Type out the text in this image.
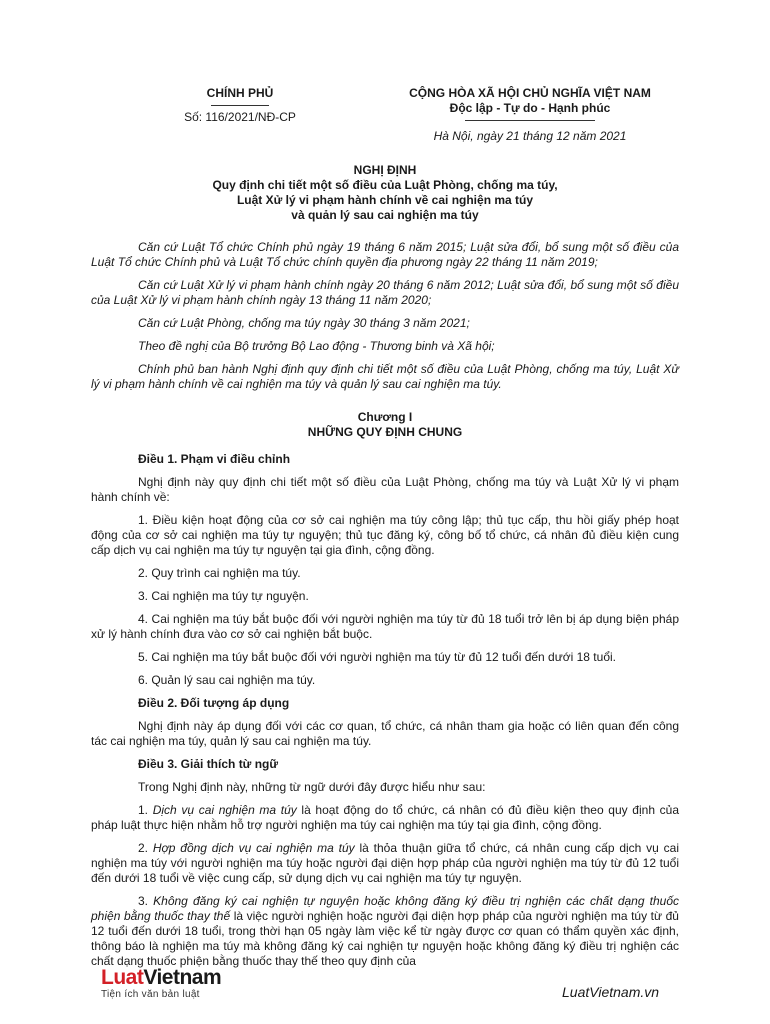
CHÍNH PHỦ
Số: 116/2021/NĐ-CP
CỘNG HÒA XÃ HỘI CHỦ NGHĨA VIỆT NAM
Độc lập - Tự do - Hạnh phúc
Hà Nội, ngày 21 tháng 12 năm 2021
NGHỊ ĐỊNH
Quy định chi tiết một số điều của Luật Phòng, chống ma túy,
Luật Xử lý vi phạm hành chính về cai nghiện ma túy
và quản lý sau cai nghiện ma túy

Căn cứ Luật Tổ chức Chính phủ ngày 19 tháng 6 năm 2015; Luật sửa đổi, bổ sung một số điều của Luật Tổ chức Chính phủ và Luật Tổ chức chính quyền địa phương ngày 22 tháng 11 năm 2019;

Căn cứ Luật Xử lý vi phạm hành chính ngày 20 tháng 6 năm 2012; Luật sửa đổi, bổ sung một số điều của Luật Xử lý vi phạm hành chính ngày 13 tháng 11 năm 2020;

Căn cứ Luật Phòng, chống ma túy ngày 30 tháng 3 năm 2021;

Theo đề nghị của Bộ trưởng Bộ Lao động - Thương binh và Xã hội;

Chính phủ ban hành Nghị định quy định chi tiết một số điều của Luật Phòng, chống ma túy, Luật Xử lý vi phạm hành chính về cai nghiện ma túy và quản lý sau cai nghiện ma túy.

Chương I

NHỮNG QUY ĐỊNH CHUNG

Điều 1. Phạm vi điều chỉnh

Nghị định này quy định chi tiết một số điều của Luật Phòng, chống ma túy và Luật Xử lý vi phạm hành chính về:

1. Điều kiện hoạt động của cơ sở cai nghiện ma túy công lập; thủ tục cấp, thu hồi giấy phép hoạt động của cơ sở cai nghiện ma túy tự nguyện; thủ tục đăng ký, công bố tổ chức, cá nhân đủ điều kiện cung cấp dịch vụ cai nghiện ma túy tự nguyện tại gia đình, cộng đồng.

2. Quy trình cai nghiện ma túy.

3. Cai nghiện ma túy tự nguyện.

4. Cai nghiện ma túy bắt buộc đối với người nghiện ma túy từ đủ 18 tuổi trở lên bị áp dụng biện pháp xử lý hành chính đưa vào cơ sở cai nghiện bắt buộc.

5. Cai nghiện ma túy bắt buộc đối với người nghiện ma túy từ đủ 12 tuổi đến dưới 18 tuổi.

6. Quản lý sau cai nghiện ma túy.

Điều 2. Đối tượng áp dụng

Nghị định này áp dụng đối với các cơ quan, tổ chức, cá nhân tham gia hoặc có liên quan đến công tác cai nghiện ma túy, quản lý sau cai nghiện ma túy.

Điều 3. Giải thích từ ngữ

Trong Nghị định này, những từ ngữ dưới đây được hiểu như sau:

1. Dịch vụ cai nghiện ma túy là hoạt động do tổ chức, cá nhân có đủ điều kiện theo quy định của pháp luật thực hiện nhằm hỗ trợ người nghiện ma túy cai nghiện ma túy tại gia đình, cộng đồng.

2. Hợp đồng dịch vụ cai nghiện ma túy là thỏa thuận giữa tổ chức, cá nhân cung cấp dịch vụ cai nghiện ma túy với người nghiện ma túy hoặc người đại diện hợp pháp của người nghiện ma túy từ đủ 12 tuổi đến dưới 18 tuổi về việc cung cấp, sử dụng dịch vụ cai nghiện ma túy tự nguyện.

3. Không đăng ký cai nghiện tự nguyện hoặc không đăng ký điều trị nghiện các chất dạng thuốc phiện bằng thuốc thay thế là việc người nghiện hoặc người đại diện hợp pháp của người nghiện ma túy từ đủ 12 tuổi đến dưới 18 tuổi, trong thời hạn 05 ngày làm việc kể từ ngày được cơ quan có thẩm quyền xác định, thông báo là nghiện ma túy mà không đăng ký cai nghiện tự nguyện hoặc không đăng ký điều trị nghiện các chất dạng thuốc phiện bằng thuốc thay thế theo quy định của

LuatVietnam
Tiện ích văn bản luật	LuatVietnam.vn
